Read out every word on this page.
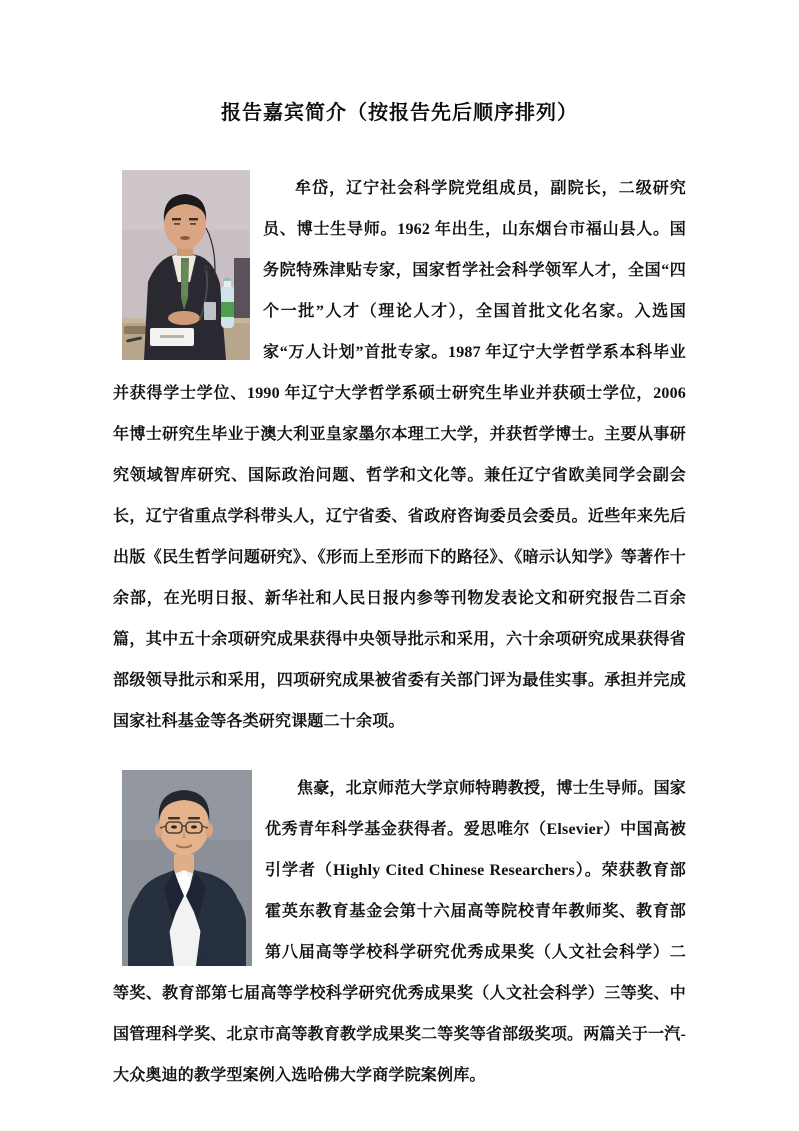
报告嘉宾简介（按报告先后顺序排列）

牟岱，辽宁社会科学院党组成员，副院长，二级研究员、博士生导师。1962 年出生，山东烟台市福山县人。国务院特殊津贴专家，国家哲学社会科学领军人才，全国“四个一批”人才（理论人才），全国首批文化名家。入选国家“万人计划”首批专家。1987 年辽宁大学哲学系本科毕业并获得学士学位、1990 年辽宁大学哲学系硕士研究生毕业并获硕士学位，2006 年博士研究生毕业于澳大利亚皇家墨尔本理工大学，并获哲学博士。主要从事研究领域智库研究、国际政治问题、哲学和文化等。兼任辽宁省欧美同学会副会长，辽宁省重点学科带头人，辽宁省委、省政府咨询委员会委员。近些年来先后出版《民生哲学问题研究》、《形而上至形而下的路径》、《暗示认知学》等著作十余部，在光明日报、新华社和人民日报内参等刊物发表论文和研究报告二百余篇，其中五十余项研究成果获得中央领导批示和采用，六十余项研究成果获得省部级领导批示和采用，四项研究成果被省委有关部门评为最佳实事。承担并完成国家社科基金等各类研究课题二十余项。

焦豪，北京师范大学京师特聘教授，博士生导师。国家优秀青年科学基金获得者。爱思唯尔（Elsevier）中国高被引学者（Highly Cited Chinese Researchers）。荣获教育部霍英东教育基金会第十六届高等院校青年教师奖、教育部第八届高等学校科学研究优秀成果奖（人文社会科学）二等奖、教育部第七届高等学校科学研究优秀成果奖（人文社会科学）三等奖、中国管理科学奖、北京市高等教育教学成果奖二等奖等省部级奖项。两篇关于一汽-大众奥迪的教学型案例入选哈佛大学商学院案例库。
